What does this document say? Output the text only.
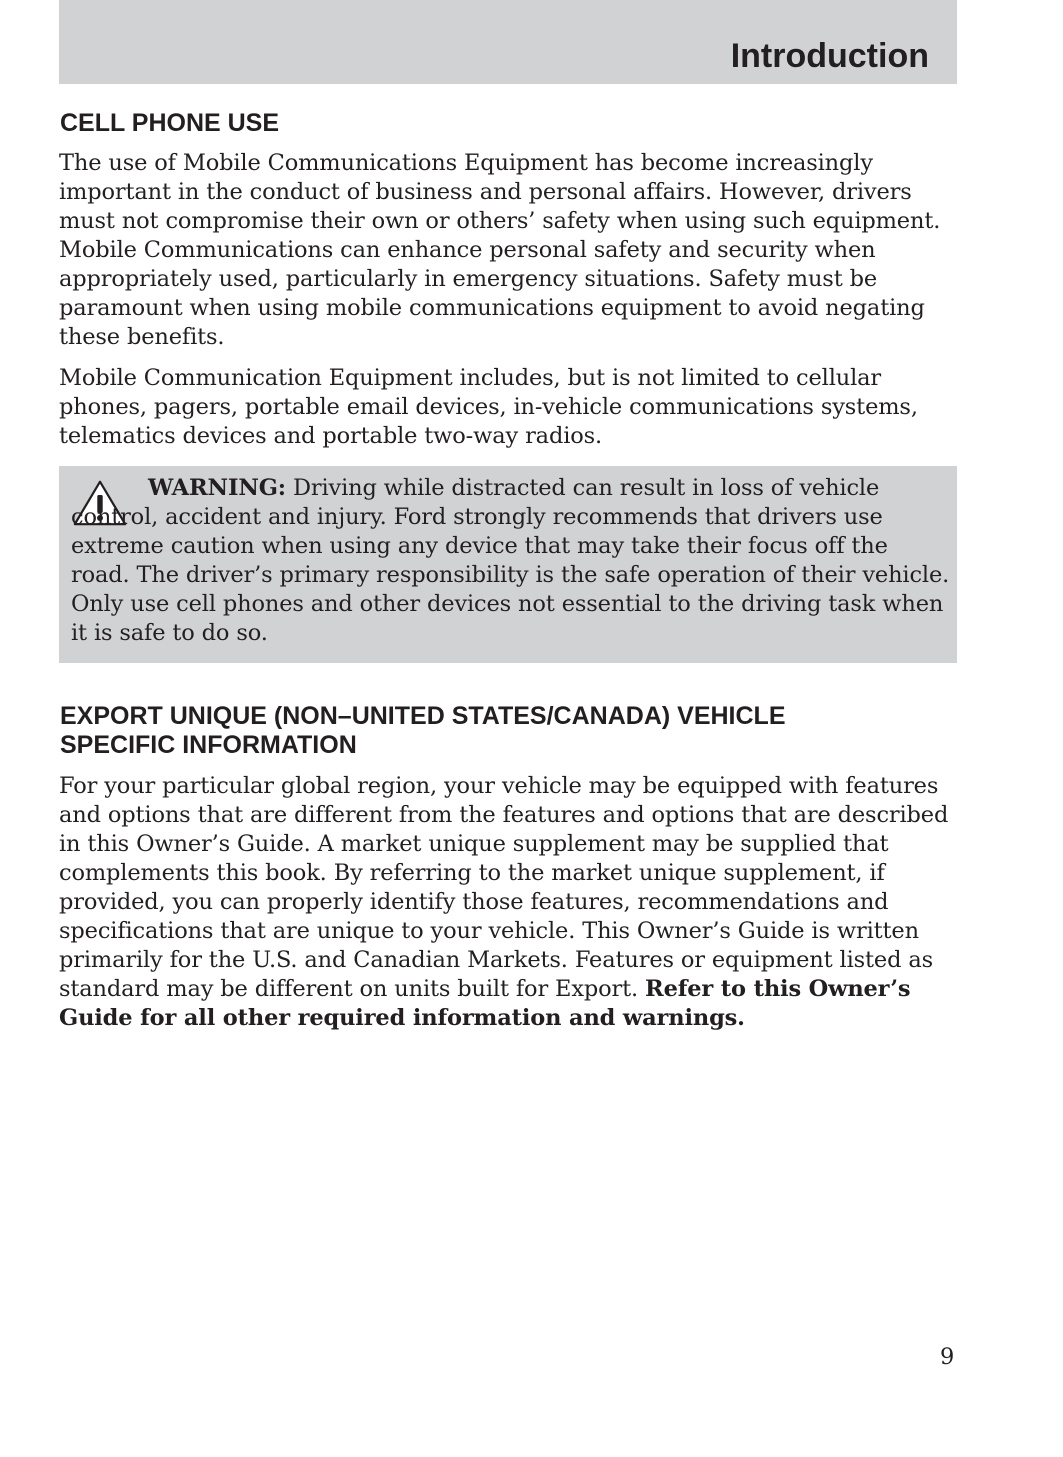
Introduction
CELL PHONE USE

The use of Mobile Communications Equipment has become increasingly important in the conduct of business and personal affairs. However, drivers must not compromise their own or others’ safety when using such equipment. Mobile Communications can enhance personal safety and security when appropriately used, particularly in emergency situations. Safety must be paramount when using mobile communications equipment to avoid negating these benefits.

Mobile Communication Equipment includes, but is not limited to cellular phones, pagers, portable email devices, in-vehicle communications systems, telematics devices and portable two-way radios.

WARNING: Driving while distracted can result in loss of vehicle control, accident and injury. Ford strongly recommends that drivers use extreme caution when using any device that may take their focus off the road. The driver’s primary responsibility is the safe operation of their vehicle. Only use cell phones and other devices not essential to the driving task when it is safe to do so.

EXPORT UNIQUE (NON–UNITED STATES/CANADA) VEHICLE
SPECIFIC INFORMATION

For your particular global region, your vehicle may be equipped with features and options that are different from the features and options that are described in this Owner’s Guide. A market unique supplement may be supplied that complements this book. By referring to the market unique supplement, if provided, you can properly identify those features, recommendations and specifications that are unique to your vehicle. This Owner’s Guide is written primarily for the U.S. and Canadian Markets. Features or equipment listed as standard may be different on units built for Export. Refer to this Owner’s Guide for all other required information and warnings.

9
